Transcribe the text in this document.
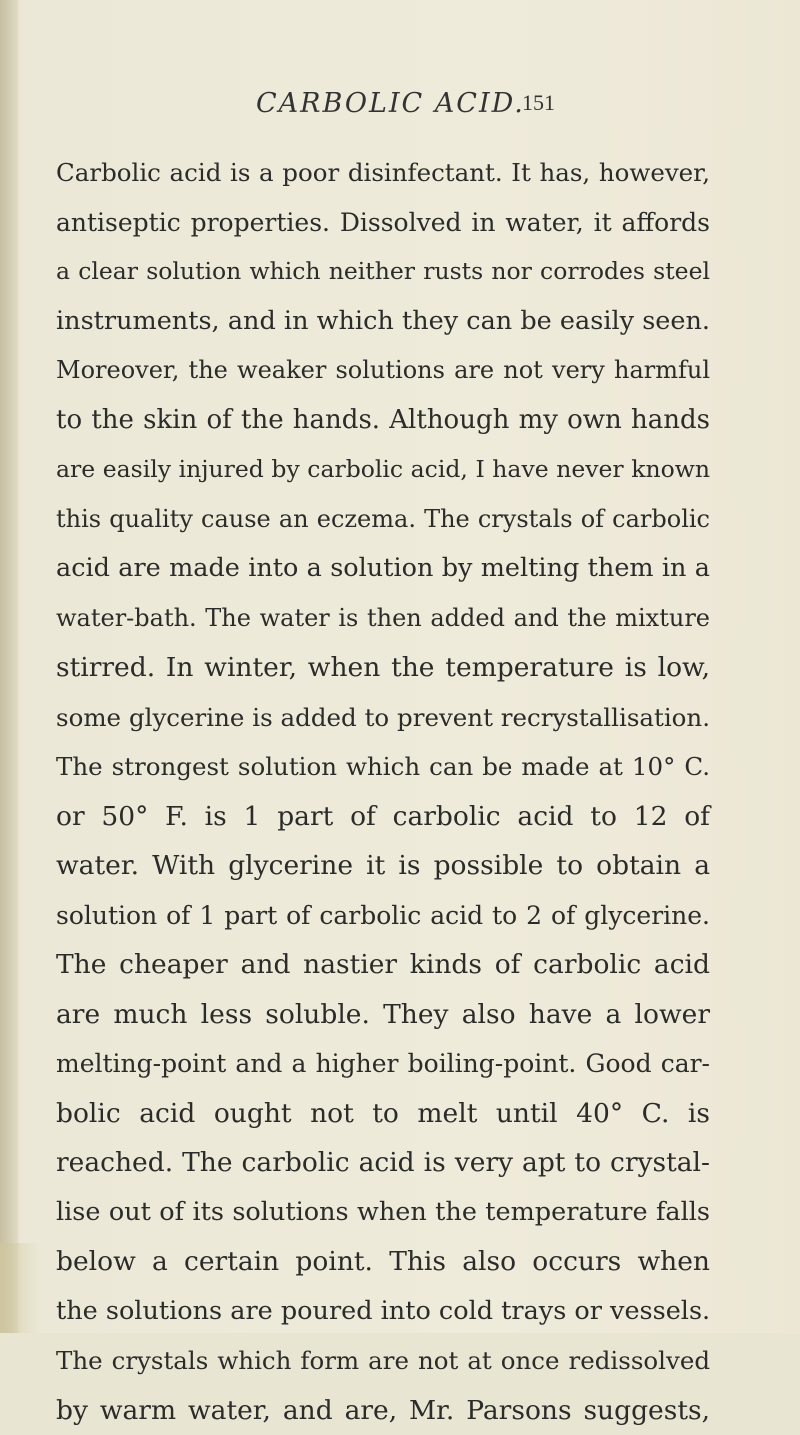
CARBOLIC ACID.
151
Carbolic acid is a poor disinfectant. It has, however,
antiseptic properties. Dissolved in water, it affords
a clear solution which neither rusts nor corrodes steel
instruments, and in which they can be easily seen.
Moreover, the weaker solutions are not very harmful
to the skin of the hands. Although my own hands
are easily injured by carbolic acid, I have never known
this quality cause an eczema. The crystals of carbolic
acid are made into a solution by melting them in a
water-bath. The water is then added and the mixture
stirred. In winter, when the temperature is low,
some glycerine is added to prevent recrystallisation.
The strongest solution which can be made at 10° C.
or 50° F. is 1 part of carbolic acid to 12 of
water. With glycerine it is possible to obtain a
solution of 1 part of carbolic acid to 2 of glycerine.
The cheaper and nastier kinds of carbolic acid
are much less soluble. They also have a lower
melting-point and a higher boiling-point. Good car-
bolic acid ought not to melt until 40° C. is
reached. The carbolic acid is very apt to crystal-
lise out of its solutions when the temperature falls
below a certain point. This also occurs when
the solutions are poured into cold trays or vessels.
The crystals which form are not at once redissolved
by warm water, and are, Mr. Parsons suggests,
